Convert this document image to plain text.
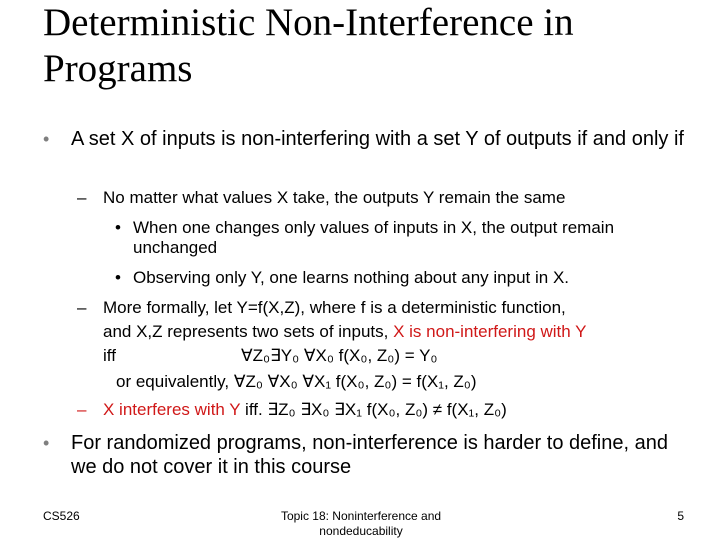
Deterministic Non-Interference in Programs
•	A set X of inputs is non-interfering with a set Y of outputs if and only if
– No matter what values X take, the outputs Y remain the same
• When one changes only values of inputs in X, the output remain unchanged
• Observing only Y, one learns nothing about any input in X.
– More formally, let Y=f(X,Z), where f is a deterministic function,
and X,Z represents two sets of inputs, X is non-interfering with Y
iff	∀Z₀∃Y₀ ∀X₀ f(X₀, Z₀) = Y₀
or equivalently, ∀Z₀ ∀X₀ ∀X₁ f(X₀, Z₀) = f(X₁, Z₀)
– X interferes with Y iff. ∃Z₀ ∃X₀ ∃X₁ f(X₀, Z₀) ≠ f(X₁, Z₀)
•	For randomized programs, non-interference is harder to define, and we do not cover it in this course
CS526	Topic 18: Noninterference and nondeducability
5
